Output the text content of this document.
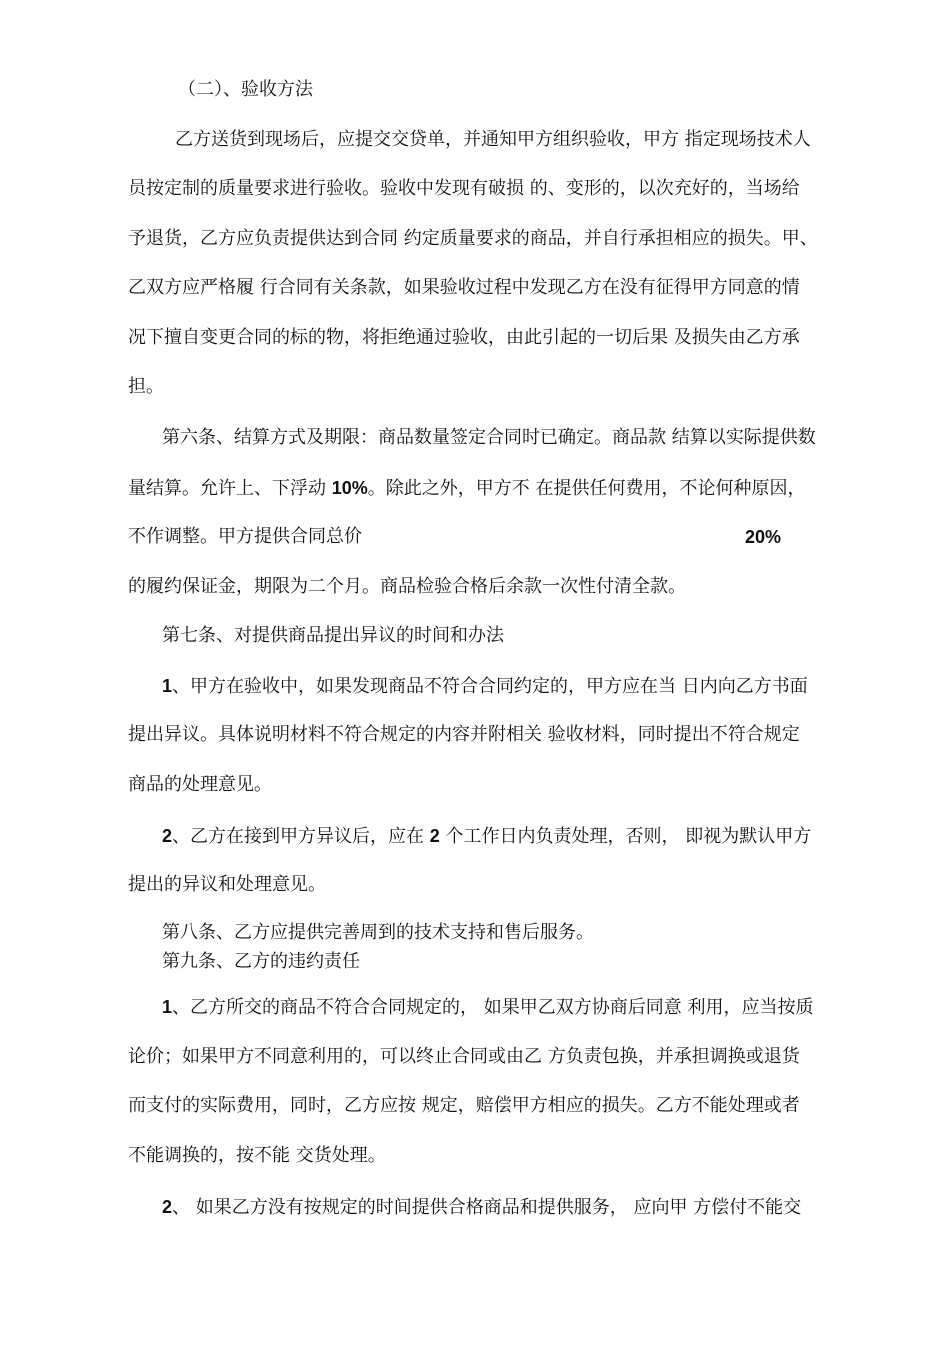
（二）、验收方法

乙方送货到现场后，应提交交贷单，并通知甲方组织验收，甲方 指定现场技术人

员按定制的质量要求进行验收。验收中发现有破损 的、变形的，以次充好的，当场给

予退货，乙方应负责提供达到合同 约定质量要求的商品，并自行承担相应的损失。甲、

乙双方应严格履 行合同有关条款，如果验收过程中发现乙方在没有征得甲方同意的情

况下擅自变更合同的标的物，将拒绝通过验收，由此引起的一切后果 及损失由乙方承

担。

第六条、结算方式及期限：商品数量签定合同时已确定。商品款 结算以实际提供数

量结算。允许上、下浮动 10%。除此之外，甲方不 在提供任何费用，不论何种原因，

不作调整。甲方提供合同总价	20%

的履约保证金，期限为二个月。商品检验合格后余款一次性付清全款。

第七条、对提供商品提出异议的时间和办法

1、甲方在验收中，如果发现商品不符合合同约定的，甲方应在当 日内向乙方书面

提出异议。具体说明材料不符合规定的内容并附相关 验收材料，同时提出不符合规定

商品的处理意见。

2、乙方在接到甲方异议后，应在 2 个工作日内负责处理，否则， 即视为默认甲方

提出的异议和处理意见。

第八条、乙方应提供完善周到的技术支持和售后服务。

第九条、乙方的违约责任

1、乙方所交的商品不符合合同规定的， 如果甲乙双方协商后同意 利用，应当按质

论价；如果甲方不同意利用的，可以终止合同或由乙 方负责包换，并承担调换或退货

而支付的实际费用，同时，乙方应按 规定，赔偿甲方相应的损失。乙方不能处理或者

不能调换的，按不能 交货处理。

2、 如果乙方没有按规定的时间提供合格商品和提供服务， 应向甲 方偿付不能交
